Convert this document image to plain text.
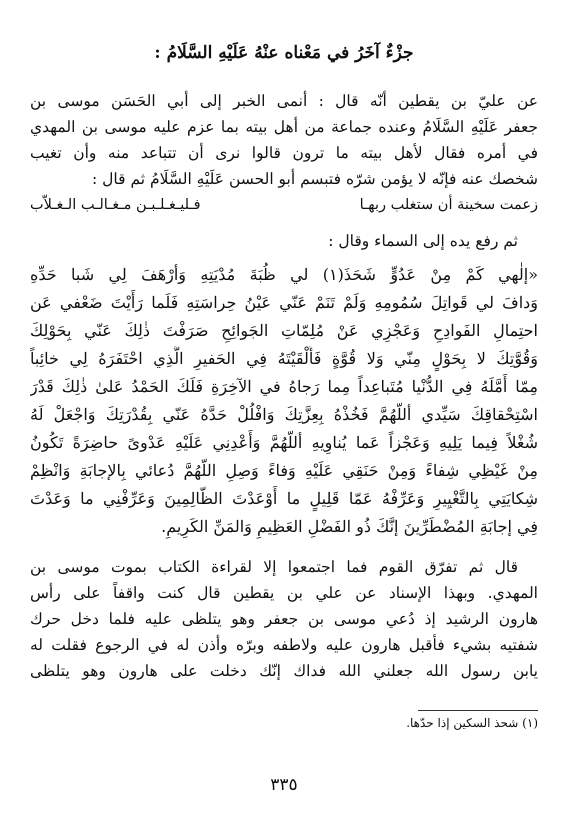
جزْءٌ آخَرُ في مَعْناه عنْهُ عَلَيْهِ السَّلَامُ :
عن عليّ بن يقطين أنّه قال : أنمى الخبر إلى أبي الحَسَن موسى بن
جعفر عَلَيْهِ السَّلَامُ وعنده جماعة من أهل بيته بما عزم عليه موسى بن المهدي
في أمره فقال لأهل بيته ما ترون قالوا نرى أن تتباعد منه وأن تغيب
شخصك عنه فإنّه لا يؤمن شرّه فتبسم أبو الحسن عَلَيْهِ السَّلَامُ ثم قال :
زعمت سخينة أن ستغلب ربهـا
فـليـغـلـبـن مـغـالـب الـغـلاّب
ثم رفع يده إلى السماء وقال :
«إلٰهي كَمْ مِنْ عَدُوٍّ شَحَذَ(١) لي ظُبَةَ مُدْيَتِهِ وَأرْهَفَ لِي شَبا حَدِّهِ
وَدافَ لي قَواتِلَ سُمُومِهِ وَلَمْ تَنَمْ عَنّي عَيْنُ حِراسَتِهِ فَلَما رَأَيْتَ ضَعْفي عَن
احتِمالِ الفَوادِحِ وَعَجْزِي عَنْ مُلِمّاتِ الجَوائِحِ صَرَفْتَ ذٰلِكَ عَنّي بِحَوْلِكَ
وَقُوَّتِكَ لا بِحَوْلٍ مِنّي وَلا قُوَّةٍ فَأَلْقَيْتَهُ فِي الحَفيرِ الَّذِي احْتَفَرَهُ لِي خائِباً
مِمّا أَمَّلَهُ فِي الدُّنْيا مُتَباعِداً مِما رَجاهُ في الآخِرَةِ فَلَكَ الحَمْدُ عَلىٰ ذٰلِكَ قَدْرَ
اسْتِحْقاقِكَ سَيِّدي أللّهُمَّ فَخُذْهُ بِعِزَّتِكَ وَافْلُلْ حَدَّهُ عَنّي بِقُدْرَتِكَ وَاجْعَلْ لَهُ
شُغْلاً فِيما يَلِيهِ وَعَجْزاً عَما يُناوِيهِ أللّهُمَّ وَأَعْدِنِي عَلَيْهِ عَدْوىً حاضِرَةً تَكُونُ
مِنْ غَيْظِي شِفاءً وَمِنْ حَنَقِي عَلَيْهِ وَفاءً وَصِلِ اللّهُمَّ دُعائي بِالإجابَةِ وَانْظِمْ
شِكايَتِي بِالتَّغْيِيرِ وَعَرِّفْهُ عَمّا قَلِيلٍ ما أَوْعَدْتَ الظّالِمِينَ وَعَرِّفْنِي ما وَعَدْتَ
فِي إجابَةِ المُضْطَرِّينَ إنَّكَ ذُو الفَضْلِ العَظِيمِ وَالمَنِّ الكَرِيمِ.
قال ثم تفرّق القوم فما اجتمعوا إلا لقراءة الكتاب بموت موسى بن
المهدي. وبهذا الإسناد عن علي بن يقطين قال كنت واقفاً على رأس
هارون الرشيد إذ دُعي موسى بن جعفر وهو يتلظى عليه فلما دخل حرك
شفتيه بشيء فأقبل هارون عليه ولاطفه وبرّه وأذن له في الرجوع فقلت له
يابن رسول الله جعلني الله فداك إنّك دخلت على هارون وهو يتلظى
(١) شحذ السكين إذا حدّها.
٣٣٥
